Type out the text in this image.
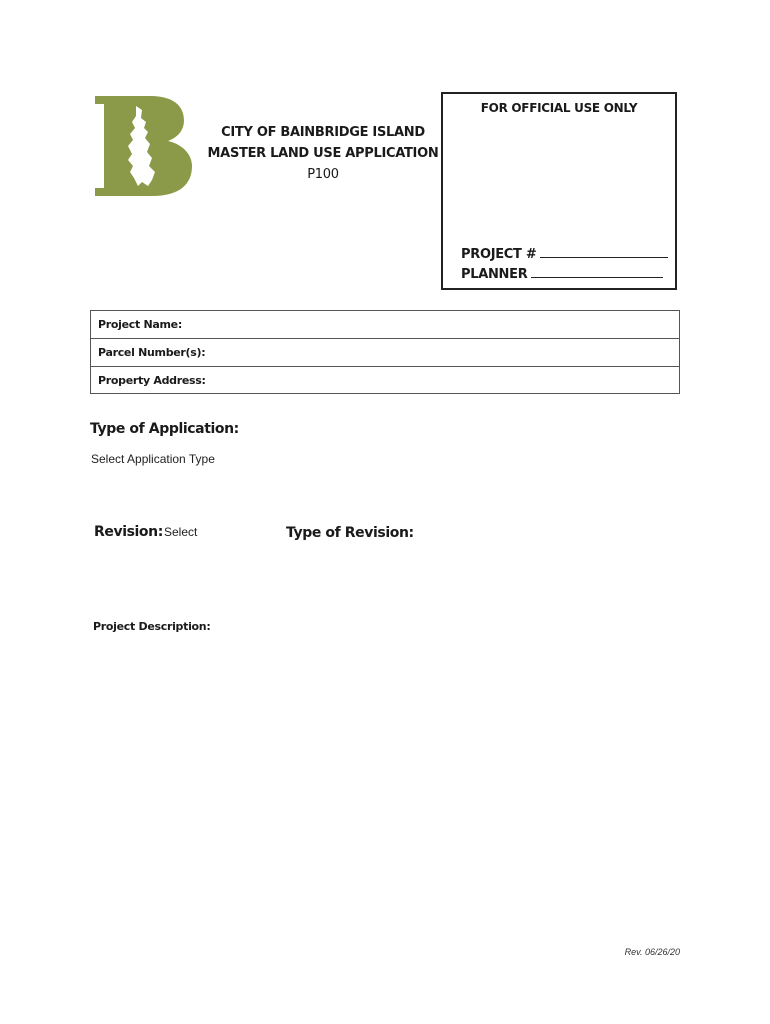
CITY OF BAINBRIDGE ISLAND
MASTER LAND USE APPLICATION
P100
FOR OFFICIAL USE ONLY
PROJECT #
PLANNER
Project Name:
Parcel Number(s):
Property Address:
Type of Application:
Select Application Type
Revision: Select	Type of Revision:
Project Description:
Rev. 06/26/20
